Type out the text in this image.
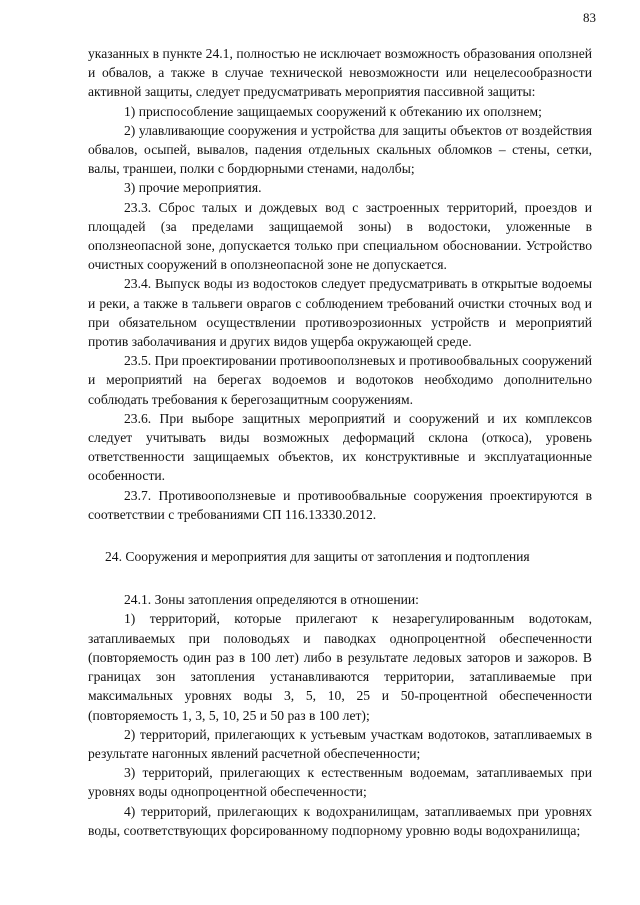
83

указанных в пункте 24.1, полностью не исключает возможность образования оползней и обвалов, а также в случае технической невозможности или нецелесообразности активной защиты, следует предусматривать мероприятия пассивной защиты:

1) приспособление защищаемых сооружений к обтеканию их оползнем;

2) улавливающие сооружения и устройства для защиты объектов от воздействия обвалов, осыпей, вывалов, падения отдельных скальных обломков – стены, сетки, валы, траншеи, полки с бордюрными стенами, надолбы;

3) прочие мероприятия.

23.3. Сброс талых и дождевых вод с застроенных территорий, проездов и площадей (за пределами защищаемой зоны) в водостоки, уложенные в оползнеопасной зоне, допускается только при специальном обосновании. Устройство очистных сооружений в оползнеопасной зоне не допускается.

23.4. Выпуск воды из водостоков следует предусматривать в открытые водоемы и реки, а также в тальвеги оврагов с соблюдением требований очистки сточных вод и при обязательном осуществлении противоэрозионных устройств и мероприятий против заболачивания и других видов ущерба окружающей среде.

23.5. При проектировании противооползневых и противообвальных сооружений и мероприятий на берегах водоемов и водотоков необходимо дополнительно соблюдать требования к берегозащитным сооружениям.

23.6. При выборе защитных мероприятий и сооружений и их комплексов следует учитывать виды возможных деформаций склона (откоса), уровень ответственности защищаемых объектов, их конструктивные и эксплуатационные особенности.

23.7. Противооползневые и противообвальные сооружения проектируются в соответствии с требованиями СП 116.13330.2012.

24. Сооружения и мероприятия для защиты от затопления и подтопления

24.1. Зоны затопления определяются в отношении:

1) территорий, которые прилегают к незарегулированным водотокам, затапливаемых при половодьях и паводках однопроцентной обеспеченности (повторяемость один раз в 100 лет) либо в результате ледовых заторов и зажоров. В границах зон затопления устанавливаются территории, затапливаемые при максимальных уровнях воды 3, 5, 10, 25 и 50-процентной обеспеченности (повторяемость 1, 3, 5, 10, 25 и 50 раз в 100 лет);

2) территорий, прилегающих к устьевым участкам водотоков, затапливаемых в результате нагонных явлений расчетной обеспеченности;

3) территорий, прилегающих к естественным водоемам, затапливаемых при уровнях воды однопроцентной обеспеченности;

4) территорий, прилегающих к водохранилищам, затапливаемых при уровнях воды, соответствующих форсированному подпорному уровню воды водохранилища;
